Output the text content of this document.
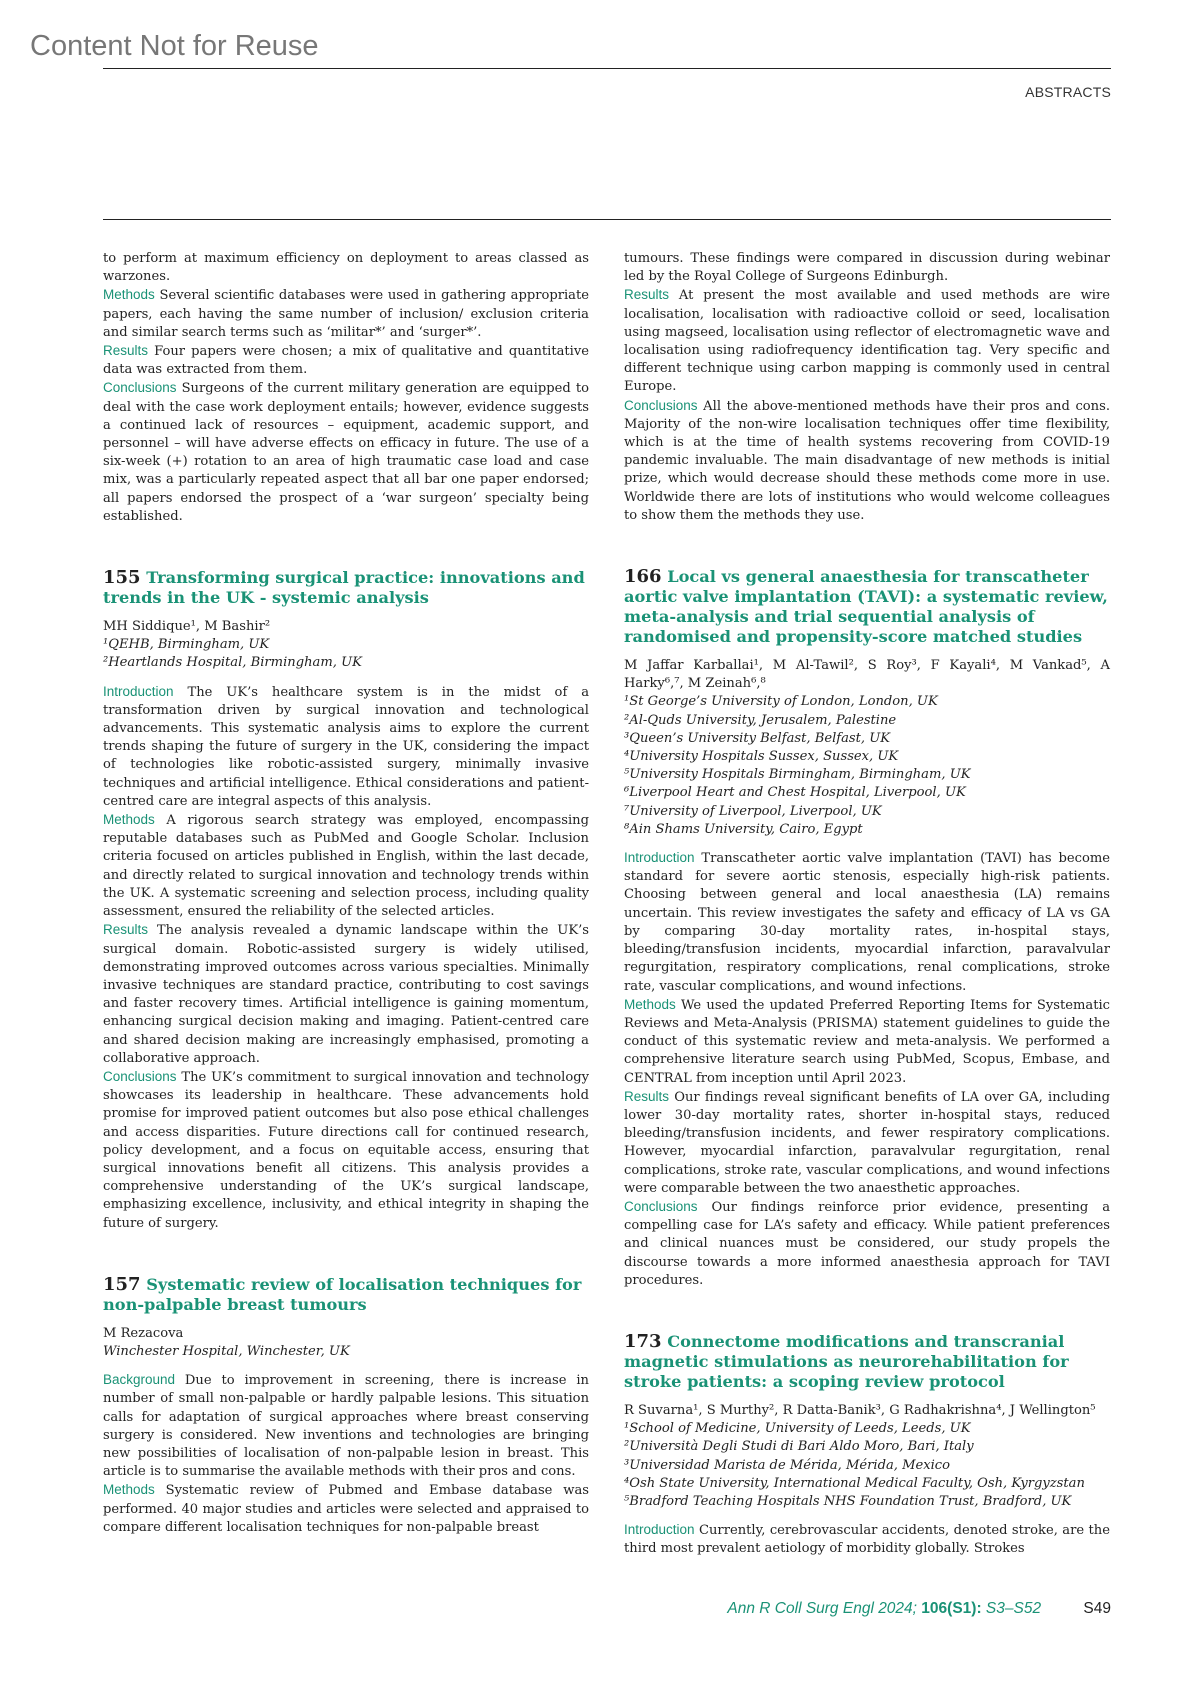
Content Not for Reuse
ABSTRACTS

to perform at maximum efficiency on deployment to areas classed as warzones.

Methods Several scientific databases were used in gathering appropriate papers, each having the same number of inclusion/ exclusion criteria and similar search terms such as ‘militar*’ and ‘surger*’.

Results Four papers were chosen; a mix of qualitative and quantitative data was extracted from them.

Conclusions Surgeons of the current military generation are equipped to deal with the case work deployment entails; however, evidence suggests a continued lack of resources – equipment, academic support, and personnel – will have adverse effects on efficacy in future. The use of a six-week (+) rotation to an area of high traumatic case load and case mix, was a particularly repeated aspect that all bar one paper endorsed; all papers endorsed the prospect of a ‘war surgeon’ specialty being established.

155 Transforming surgical practice: innovations and trends in the UK - systemic analysis

MH Siddique¹, M Bashir²

¹QEHB, Birmingham, UK

²Heartlands Hospital, Birmingham, UK

Introduction The UK’s healthcare system is in the midst of a transformation driven by surgical innovation and technological advancements. This systematic analysis aims to explore the current trends shaping the future of surgery in the UK, considering the impact of technologies like robotic-assisted surgery, minimally invasive techniques and artificial intelligence. Ethical considerations and patient-centred care are integral aspects of this analysis.

Methods A rigorous search strategy was employed, encompassing reputable databases such as PubMed and Google Scholar. Inclusion criteria focused on articles published in English, within the last decade, and directly related to surgical innovation and technology trends within the UK. A systematic screening and selection process, including quality assessment, ensured the reliability of the selected articles.

Results The analysis revealed a dynamic landscape within the UK’s surgical domain. Robotic-assisted surgery is widely utilised, demonstrating improved outcomes across various specialties. Minimally invasive techniques are standard practice, contributing to cost savings and faster recovery times. Artificial intelligence is gaining momentum, enhancing surgical decision making and imaging. Patient-centred care and shared decision making are increasingly emphasised, promoting a collaborative approach.

Conclusions The UK’s commitment to surgical innovation and technology showcases its leadership in healthcare. These advancements hold promise for improved patient outcomes but also pose ethical challenges and access disparities. Future directions call for continued research, policy development, and a focus on equitable access, ensuring that surgical innovations benefit all citizens. This analysis provides a comprehensive understanding of the UK’s surgical landscape, emphasizing excellence, inclusivity, and ethical integrity in shaping the future of surgery.

157 Systematic review of localisation techniques for non-palpable breast tumours

M Rezacova

Winchester Hospital, Winchester, UK

Background Due to improvement in screening, there is increase in number of small non-palpable or hardly palpable lesions. This situation calls for adaptation of surgical approaches where breast conserving surgery is considered. New inventions and technologies are bringing new possibilities of localisation of non-palpable lesion in breast. This article is to summarise the available methods with their pros and cons.

Methods Systematic review of Pubmed and Embase database was performed. 40 major studies and articles were selected and appraised to compare different localisation techniques for non-palpable breast

tumours. These findings were compared in discussion during webinar led by the Royal College of Surgeons Edinburgh.

Results At present the most available and used methods are wire localisation, localisation with radioactive colloid or seed, localisation using magseed, localisation using reflector of electromagnetic wave and localisation using radiofrequency identification tag. Very specific and different technique using carbon mapping is commonly used in central Europe.

Conclusions All the above-mentioned methods have their pros and cons. Majority of the non-wire localisation techniques offer time flexibility, which is at the time of health systems recovering from COVID-19 pandemic invaluable. The main disadvantage of new methods is initial prize, which would decrease should these methods come more in use. Worldwide there are lots of institutions who would welcome colleagues to show them the methods they use.

166 Local vs general anaesthesia for transcatheter aortic valve implantation (TAVI): a systematic review, meta-analysis and trial sequential analysis of randomised and propensity-score matched studies

M Jaffar Karballai¹, M Al-Tawil², S Roy³, F Kayali⁴, M Vankad⁵, A Harky⁶,⁷, M Zeinah⁶,⁸

¹St George’s University of London, London, UK

²Al-Quds University, Jerusalem, Palestine

³Queen’s University Belfast, Belfast, UK

⁴University Hospitals Sussex, Sussex, UK

⁵University Hospitals Birmingham, Birmingham, UK

⁶Liverpool Heart and Chest Hospital, Liverpool, UK

⁷University of Liverpool, Liverpool, UK

⁸Ain Shams University, Cairo, Egypt

Introduction Transcatheter aortic valve implantation (TAVI) has become standard for severe aortic stenosis, especially high-risk patients. Choosing between general and local anaesthesia (LA) remains uncertain. This review investigates the safety and efficacy of LA vs GA by comparing 30-day mortality rates, in-hospital stays, bleeding/transfusion incidents, myocardial infarction, paravalvular regurgitation, respiratory complications, renal complications, stroke rate, vascular complications, and wound infections.

Methods We used the updated Preferred Reporting Items for Systematic Reviews and Meta-Analysis (PRISMA) statement guidelines to guide the conduct of this systematic review and meta-analysis. We performed a comprehensive literature search using PubMed, Scopus, Embase, and CENTRAL from inception until April 2023.

Results Our findings reveal significant benefits of LA over GA, including lower 30-day mortality rates, shorter in-hospital stays, reduced bleeding/transfusion incidents, and fewer respiratory complications. However, myocardial infarction, paravalvular regurgitation, renal complications, stroke rate, vascular complications, and wound infections were comparable between the two anaesthetic approaches.

Conclusions Our findings reinforce prior evidence, presenting a compelling case for LA’s safety and efficacy. While patient preferences and clinical nuances must be considered, our study propels the discourse towards a more informed anaesthesia approach for TAVI procedures.

173 Connectome modifications and transcranial magnetic stimulations as neurorehabilitation for stroke patients: a scoping review protocol

R Suvarna¹, S Murthy², R Datta-Banik³, G Radhakrishna⁴, J Wellington⁵

¹School of Medicine, University of Leeds, Leeds, UK

²Università Degli Studi di Bari Aldo Moro, Bari, Italy

³Universidad Marista de Mérida, Mérida, Mexico

⁴Osh State University, International Medical Faculty, Osh, Kyrgyzstan

⁵Bradford Teaching Hospitals NHS Foundation Trust, Bradford, UK

Introduction Currently, cerebrovascular accidents, denoted stroke, are the third most prevalent aetiology of morbidity globally. Strokes

Ann R Coll Surg Engl 2024; 106(S1): S3–S52	S49
